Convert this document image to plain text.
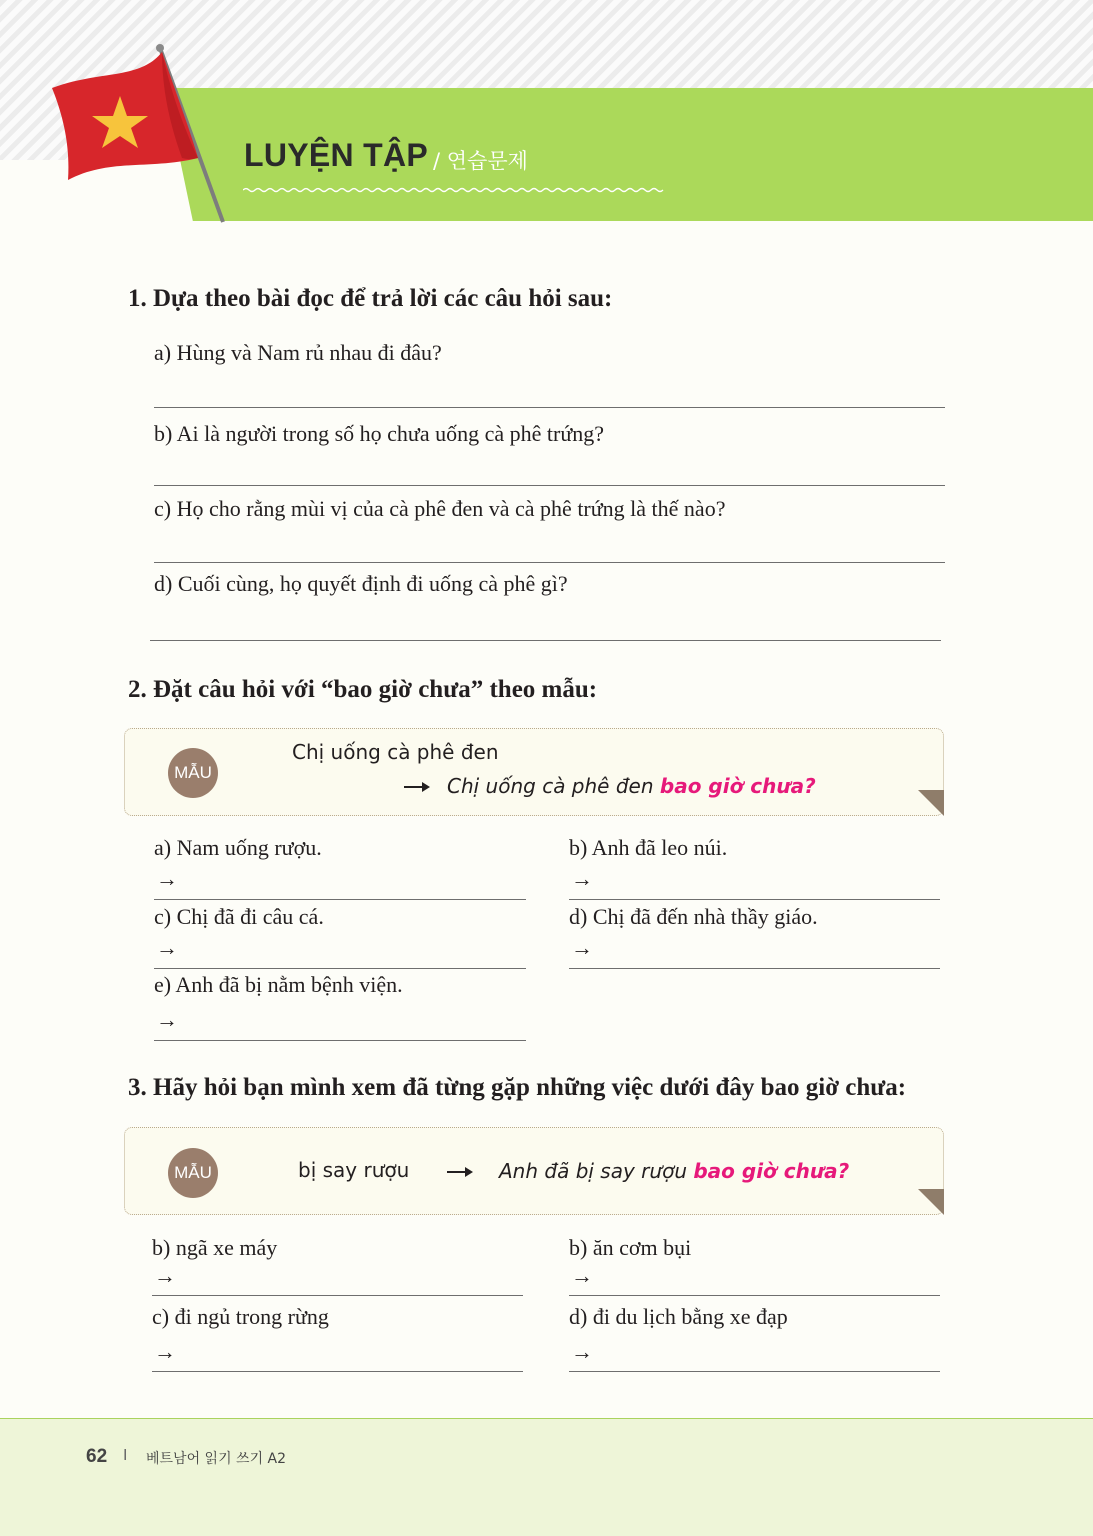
LUYỆN TẬP / 연습문제
1. Dựa theo bài đọc để trả lời các câu hỏi sau:
a) Hùng và Nam rủ nhau đi đâu?
b) Ai là người trong số họ chưa uống cà phê trứng?
c) Họ cho rằng mùi vị của cà phê đen và cà phê trứng là thế nào?
d) Cuối cùng, họ quyết định đi uống cà phê gì?
2. Đặt câu hỏi với “bao giờ chưa” theo mẫu:
MẪU
Chị uống cà phê đen
Chị uống cà phê đen bao giờ chưa?
a) Nam uống rượu.
→
b) Anh đã leo núi.
→
c) Chị đã đi câu cá.
→
d) Chị đã đến nhà thầy giáo.
→
e) Anh đã bị nằm bệnh viện.
→
3. Hãy hỏi bạn mình xem đã từng gặp những việc dưới đây bao giờ chưa:
MẪU	bị say rượu	Anh đã bị say rượu bao giờ chưa?
b) ngã xe máy
→
b) ăn cơm bụi
→
c) đi ngủ trong rừng
→
d) đi du lịch bằng xe đạp
→
62 I 베트남어 읽기 쓰기 A2
